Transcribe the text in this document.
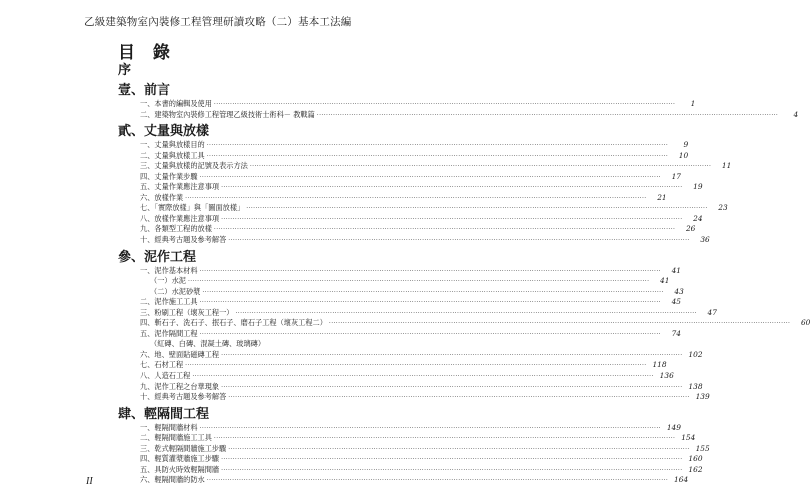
乙級建築物室內裝修工程管理研讀攻略（二）基本工法編
目 錄
序
壹、前言
一、本書的編輯及使用 ········································································································································································································	1
二、建築物室內裝修工程管理乙級技術士術科－ 教戰篇 ········································································································································································································	4
貳、丈量與放樣
一、丈量與放樣目的 ········································································································································································································	9
二、丈量與放樣工具 ········································································································································································································	10
三、丈量與放樣的記號及表示方法 ········································································································································································································	11
四、丈量作業步驟 ········································································································································································································	17
五、丈量作業應注意事項 ········································································································································································································	19
六、放樣作業 ········································································································································································································	21
七、「實際放樣」與「圖面放樣」 ········································································································································································································	23
八、放樣作業應注意事項 ········································································································································································································	24
九、各類型工程的放樣 ········································································································································································································	26
十、經典考古題及參考解答 ········································································································································································································	36
參、泥作工程
一、泥作基本材料 ········································································································································································································	41
（一）水泥 ········································································································································································································	41
（二）水泥砂漿 ········································································································································································································	43
二、泥作施工工具 ········································································································································································································	45
三、粉刷工程（壞灰工程一） ········································································································································································································	47
四、斬石子、洗石子、抿石子、磨石子工程（壞灰工程二） ········································································································································································································	60
五、泥作隔間工程 ········································································································································································································	74
（紅磚、白磚、混凝土磚、玻璃磚）
六、地、壁面貼磁磚工程 ········································································································································································································ 102
七、石材工程 ········································································································································································································ 118
八、人造石工程 ········································································································································································································ 136
九、泥作工程之台華現象 ········································································································································································································ 138
十、經典考古題及參考解答 ········································································································································································································ 139
肆、輕隔間工程
一、輕隔間牆材料 ········································································································································································································ 149
二、輕隔間牆施工工具 ········································································································································································································ 154
三、乾式輕隔間牆施工步驟 ········································································································································································································ 155
四、輕質灌漿牆施工步驟 ········································································································································································································ 160
五、具防火時效輕隔間牆 ········································································································································································································ 162
六、輕隔間牆的防水 ········································································································································································································ 164
II
